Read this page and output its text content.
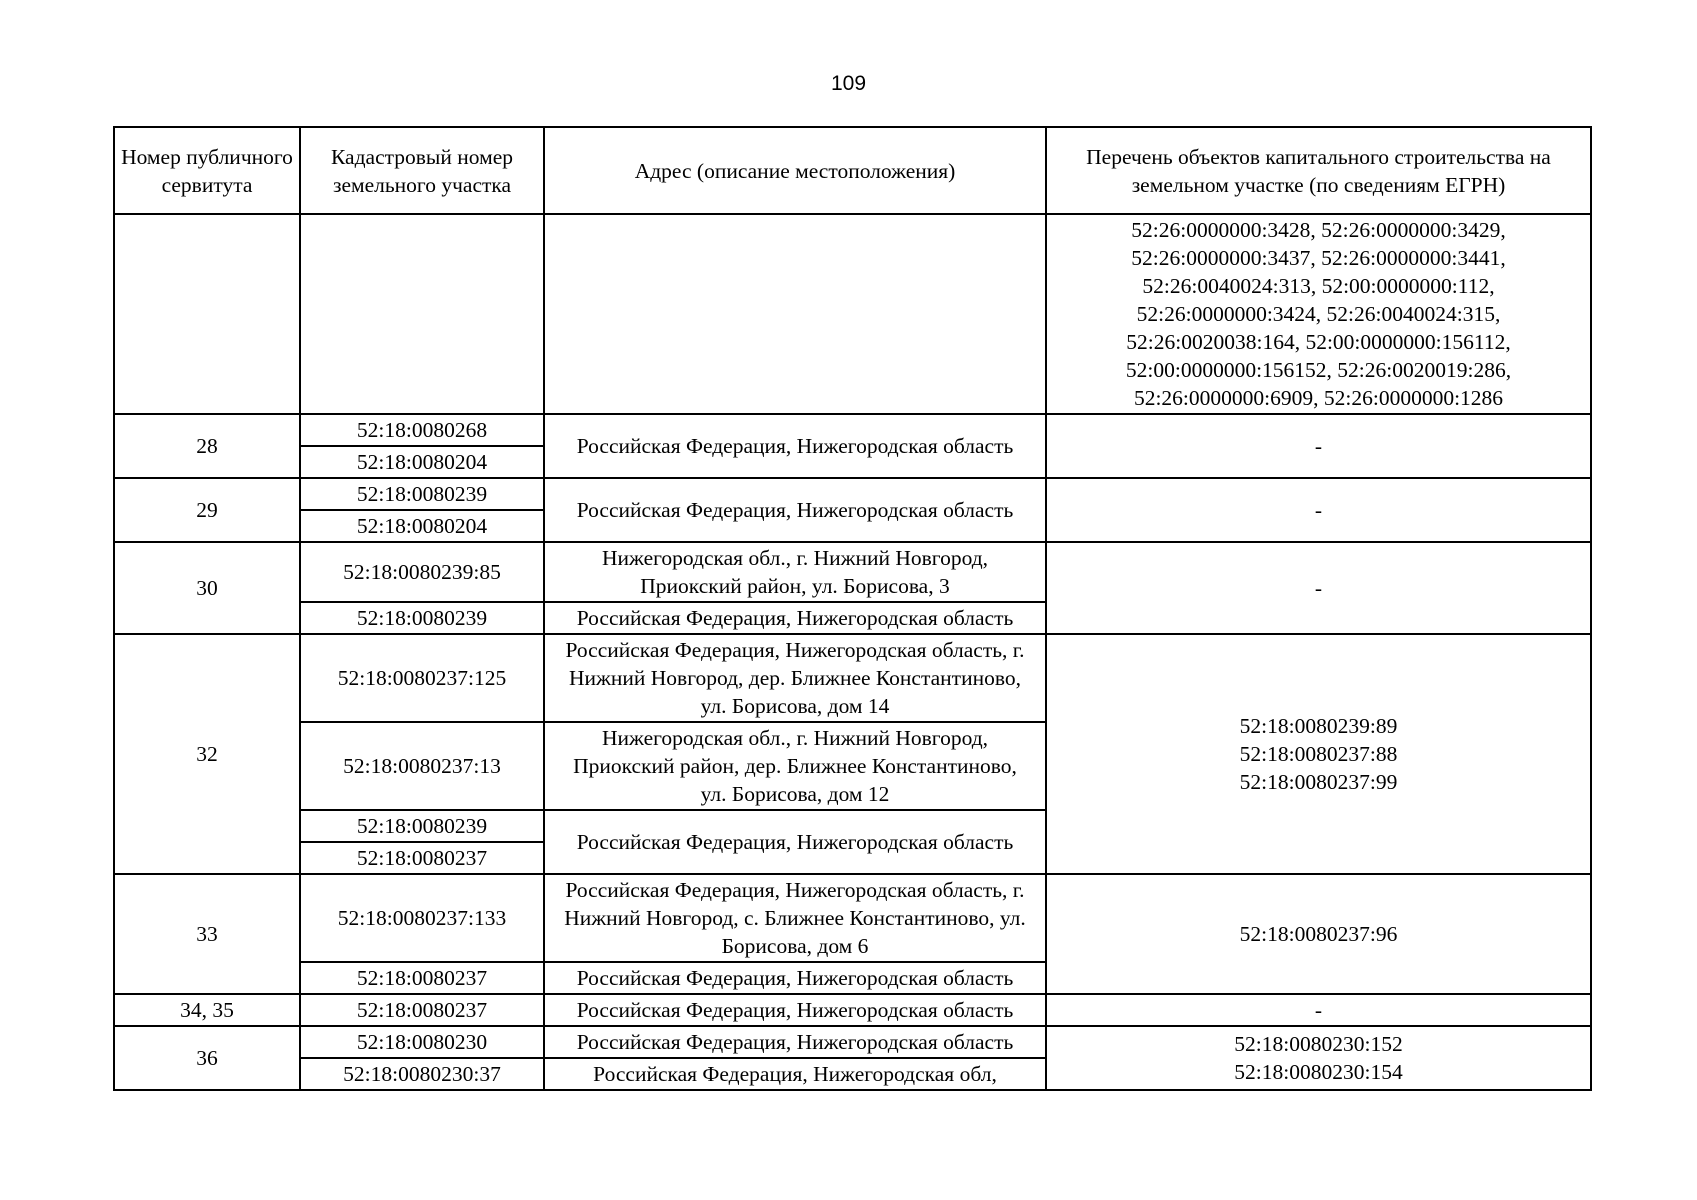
109
Номер публичного сервитута	Кадастровый номер земельного участка	Адрес (описание местоположения)	Перечень объектов капитального строительства на земельном участке (по сведениям ЕГРН)
			52:26:0000000:3428, 52:26:0000000:3429, 52:26:0000000:3437, 52:26:0000000:3441, 52:26:0040024:313, 52:00:0000000:112, 52:26:0000000:3424, 52:26:0040024:315, 52:26:0020038:164, 52:00:0000000:156112, 52:00:0000000:156152, 52:26:0020019:286, 52:26:0000000:6909, 52:26:0000000:1286
28	52:18:0080268	Российская Федерация, Нижегородская область	-
	52:18:0080204		
29	52:18:0080239	Российская Федерация, Нижегородская область	-
	52:18:0080204		
30	52:18:0080239:85	Нижегородская обл., г. Нижний Новгород, Приокский район, ул. Борисова, 3	-
	52:18:0080239	Российская Федерация, Нижегородская область	
32	52:18:0080237:125	Российская Федерация, Нижегородская область, г. Нижний Новгород, дер. Ближнее Константиново, ул. Борисова, дом 14	52:18:0080239:89
52:18:0080237:88
52:18:0080237:99

	52:18:0080237:13	Нижегородская обл., г. Нижний Новгород, Приокский район, дер. Ближнее Константиново, ул. Борисова, дом 12	
	52:18:0080239	Российская Федерация, Нижегородская область	
	52:18:0080237		
33	52:18:0080237:133	Российская Федерация, Нижегородская область, г. Нижний Новгород, с. Ближнее Константиново, ул. Борисова, дом 6	52:18:0080237:96

	52:18:0080237	Российская Федерация, Нижегородская область	
34, 35	52:18:0080237	Российская Федерация, Нижегородская область	-
36	52:18:0080230	Российская Федерация, Нижегородская область	52:18:0080230:152
52:18:0080230:154

	52:18:0080230:37	Российская Федерация, Нижегородская обл,	
